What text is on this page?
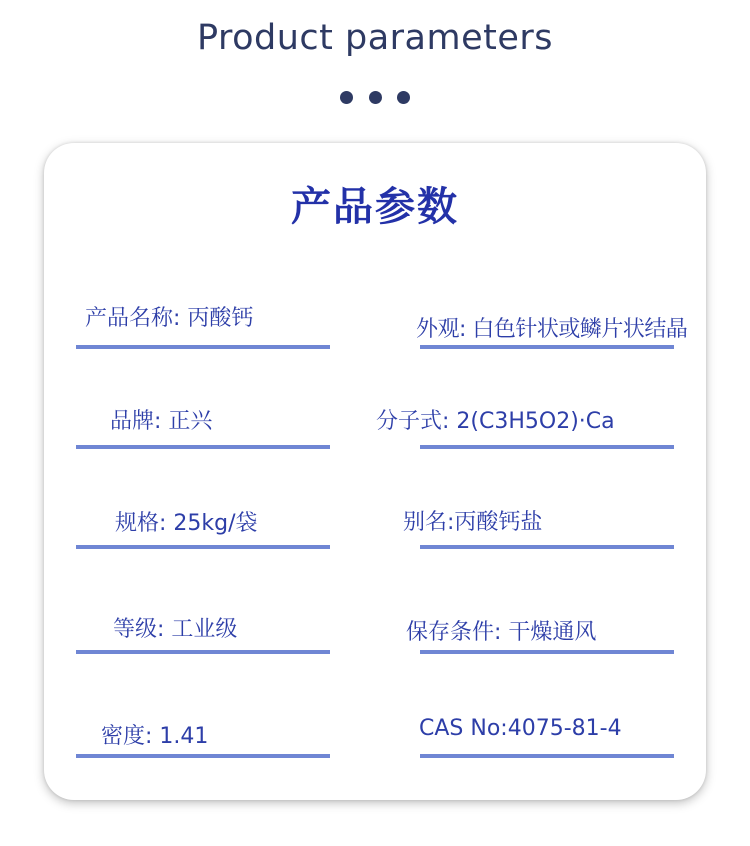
Product parameters

产品参数
产品名称: 丙酸钙	外观: 白色针状或鳞片状结晶
品牌: 正兴	分子式: 2(C3H5O2)·Ca
规格: 25kg/袋	别名:丙酸钙盐
等级: 工业级	保存条件: 干燥通风
密度: 1.41	CAS No:4075-81-4
